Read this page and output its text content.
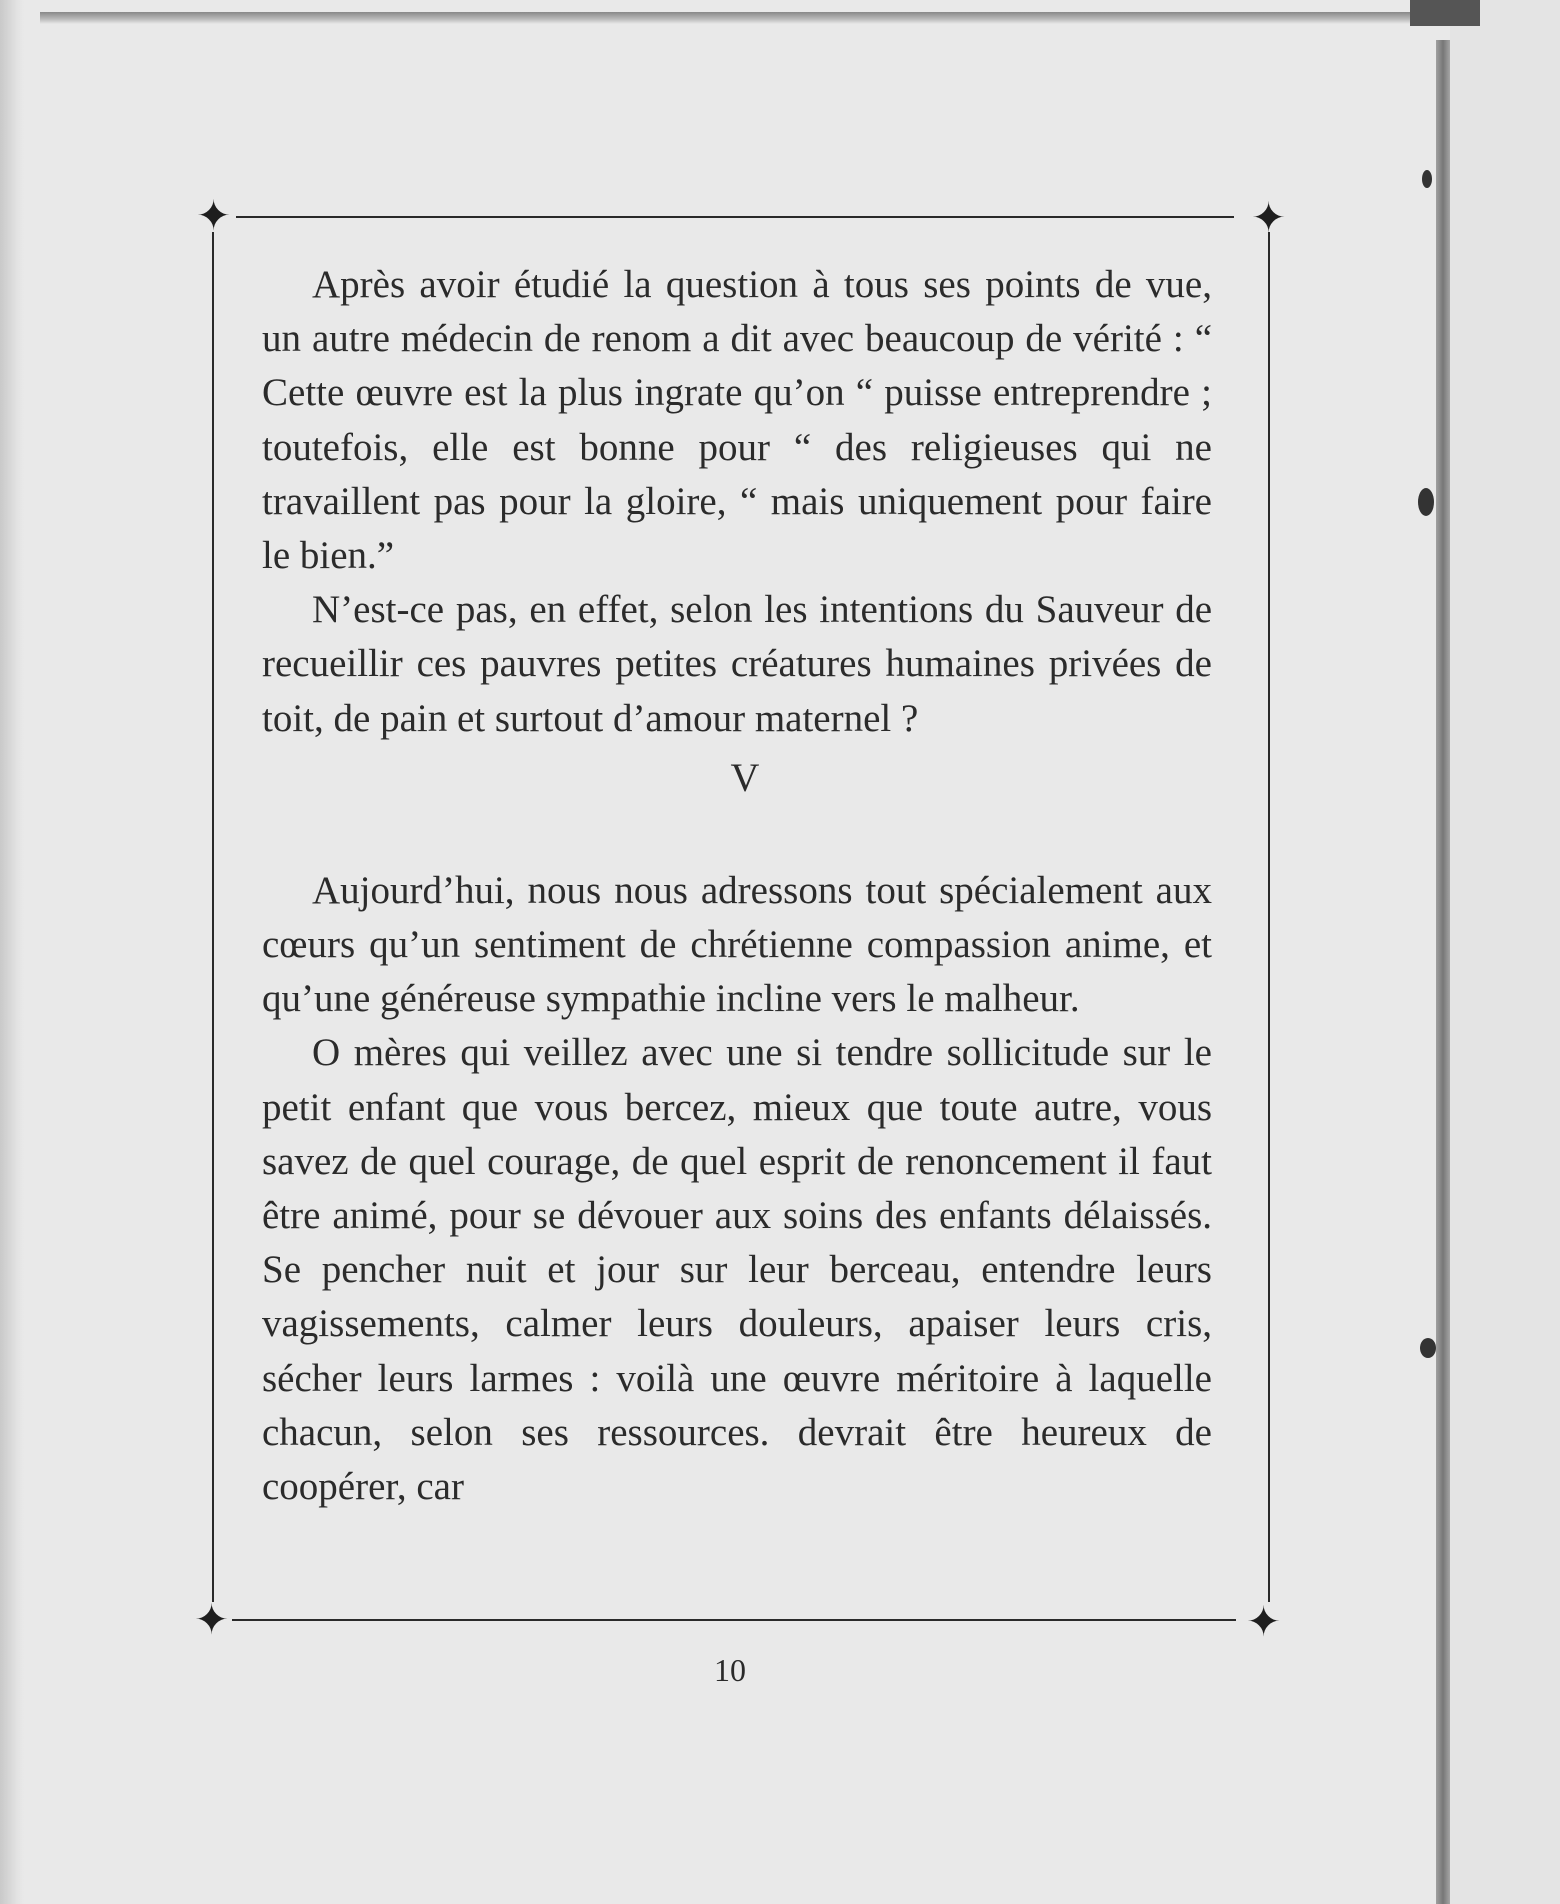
✦	✦
✦	✦

Après avoir étudié la question à tous ses points de vue, un autre médecin de renom a dit avec beaucoup de vérité : “ Cette œuvre est la plus ingrate qu’on “ puisse entreprendre ; toutefois, elle est bonne pour “ des religieuses qui ne travaillent pas pour la gloire, “ mais uniquement pour faire le bien.”

N’est-ce pas, en effet, selon les intentions du Sauveur de recueillir ces pauvres petites créatures humaines privées de toit, de pain et surtout d’amour maternel ?

V

Aujourd’hui, nous nous adressons tout spécialement aux cœurs qu’un sentiment de chrétienne compassion anime, et qu’une généreuse sympathie incline vers le malheur.

O mères qui veillez avec une si tendre sollicitude sur le petit enfant que vous bercez, mieux que toute autre, vous savez de quel courage, de quel esprit de renoncement il faut être animé, pour se dévouer aux soins des enfants délaissés. Se pencher nuit et jour sur leur berceau, entendre leurs vagissements, calmer leurs douleurs, apaiser leurs cris, sécher leurs larmes : voilà une œuvre méritoire à laquelle chacun, selon ses ressources. devrait être heureux de coopérer, car

10
